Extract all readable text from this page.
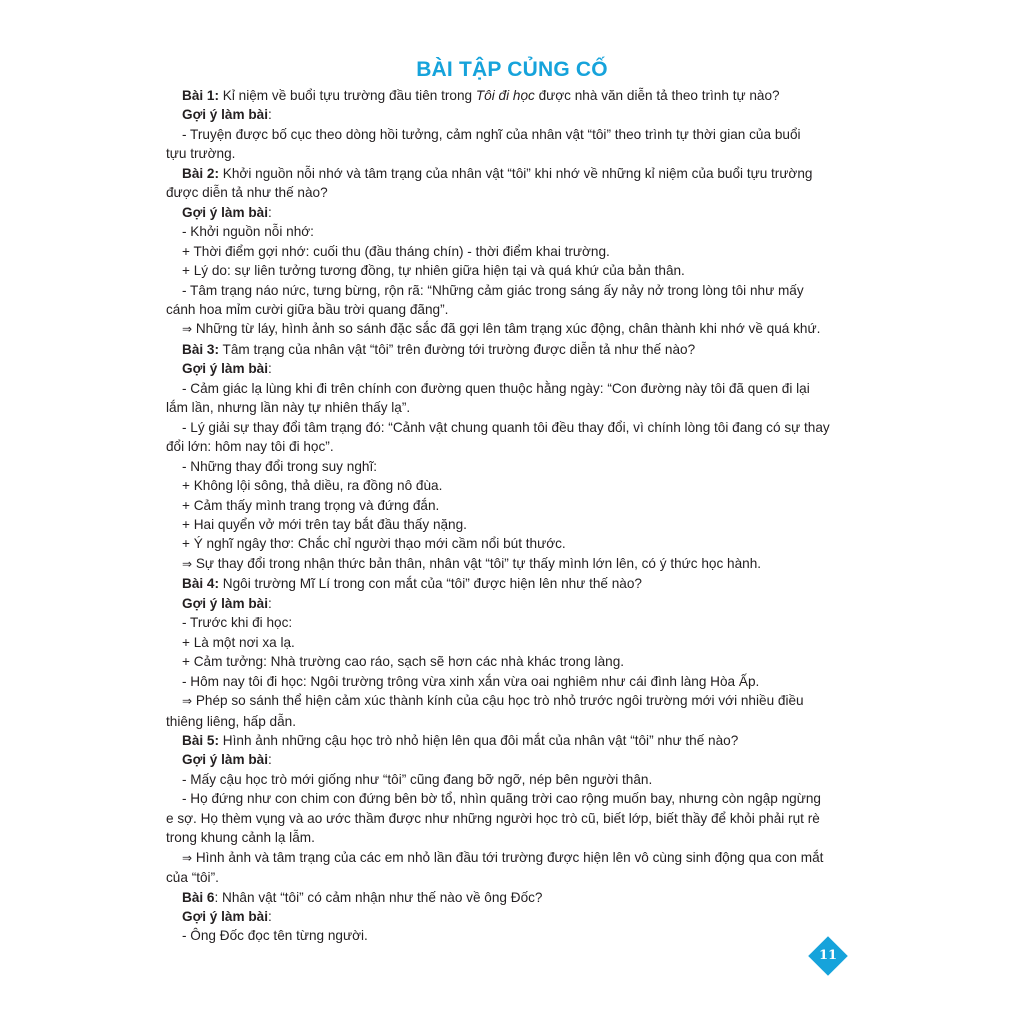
BÀI TẬP CỦNG CỐ
Bài 1: Kỉ niệm về buổi tựu trường đầu tiên trong Tôi đi học được nhà văn diễn tả theo trình tự nào?
Gợi ý làm bài:
- Truyện được bố cục theo dòng hồi tưởng, cảm nghĩ của nhân vật “tôi” theo trình tự thời gian của buổi
tựu trường.
Bài 2: Khởi nguồn nỗi nhớ và tâm trạng của nhân vật “tôi” khi nhớ về những kỉ niệm của buổi tựu trường
được diễn tả như thế nào?
Gợi ý làm bài:
- Khởi nguồn nỗi nhớ:
+ Thời điểm gợi nhớ: cuối thu (đầu tháng chín) - thời điểm khai trường.
+ Lý do: sự liên tưởng tương đồng, tự nhiên giữa hiện tại và quá khứ của bản thân.
- Tâm trạng náo nức, tưng bừng, rộn rã: “Những cảm giác trong sáng ấy nảy nở trong lòng tôi như mấy
cánh hoa mỉm cười giữa bầu trời quang đãng”.
⇒ Những từ láy, hình ảnh so sánh đặc sắc đã gợi lên tâm trạng xúc động, chân thành khi nhớ về quá khứ.
Bài 3: Tâm trạng của nhân vật “tôi” trên đường tới trường được diễn tả như thế nào?
Gợi ý làm bài:
- Cảm giác lạ lùng khi đi trên chính con đường quen thuộc hằng ngày: “Con đường này tôi đã quen đi lại
lắm lần, nhưng lần này tự nhiên thấy lạ”.
- Lý giải sự thay đổi tâm trạng đó: “Cảnh vật chung quanh tôi đều thay đổi, vì chính lòng tôi đang có sự thay
đổi lớn: hôm nay tôi đi học”.
- Những thay đổi trong suy nghĩ:
+ Không lội sông, thả diều, ra đồng nô đùa.
+ Cảm thấy mình trang trọng và đứng đắn.
+ Hai quyển vở mới trên tay bắt đầu thấy nặng.
+ Ý nghĩ ngây thơ: Chắc chỉ người thạo mới cầm nổi bút thước.
⇒ Sự thay đổi trong nhận thức bản thân, nhân vật “tôi” tự thấy mình lớn lên, có ý thức học hành.
Bài 4: Ngôi trường Mĩ Lí trong con mắt của “tôi” được hiện lên như thế nào?
Gợi ý làm bài:
- Trước khi đi học:
+ Là một nơi xa lạ.
+ Cảm tưởng: Nhà trường cao ráo, sạch sẽ hơn các nhà khác trong làng.
- Hôm nay tôi đi học: Ngôi trường trông vừa xinh xắn vừa oai nghiêm như cái đình làng Hòa Ấp.
⇒ Phép so sánh thể hiện cảm xúc thành kính của cậu học trò nhỏ trước ngôi trường mới với nhiều điều
thiêng liêng, hấp dẫn.
Bài 5: Hình ảnh những cậu học trò nhỏ hiện lên qua đôi mắt của nhân vật “tôi” như thế nào?
Gợi ý làm bài:
- Mấy cậu học trò mới giống như “tôi” cũng đang bỡ ngỡ, nép bên người thân.
- Họ đứng như con chim con đứng bên bờ tổ, nhìn quãng trời cao rộng muốn bay, nhưng còn ngập ngừng
e sợ. Họ thèm vụng và ao ước thầm được như những người học trò cũ, biết lớp, biết thầy để khỏi phải rụt rè
trong khung cảnh lạ lẫm.
⇒ Hình ảnh và tâm trạng của các em nhỏ lần đầu tới trường được hiện lên vô cùng sinh động qua con mắt
của “tôi”.
Bài 6: Nhân vật “tôi” có cảm nhận như thế nào về ông Đốc?
Gợi ý làm bài:
- Ông Đốc đọc tên từng người.
11
